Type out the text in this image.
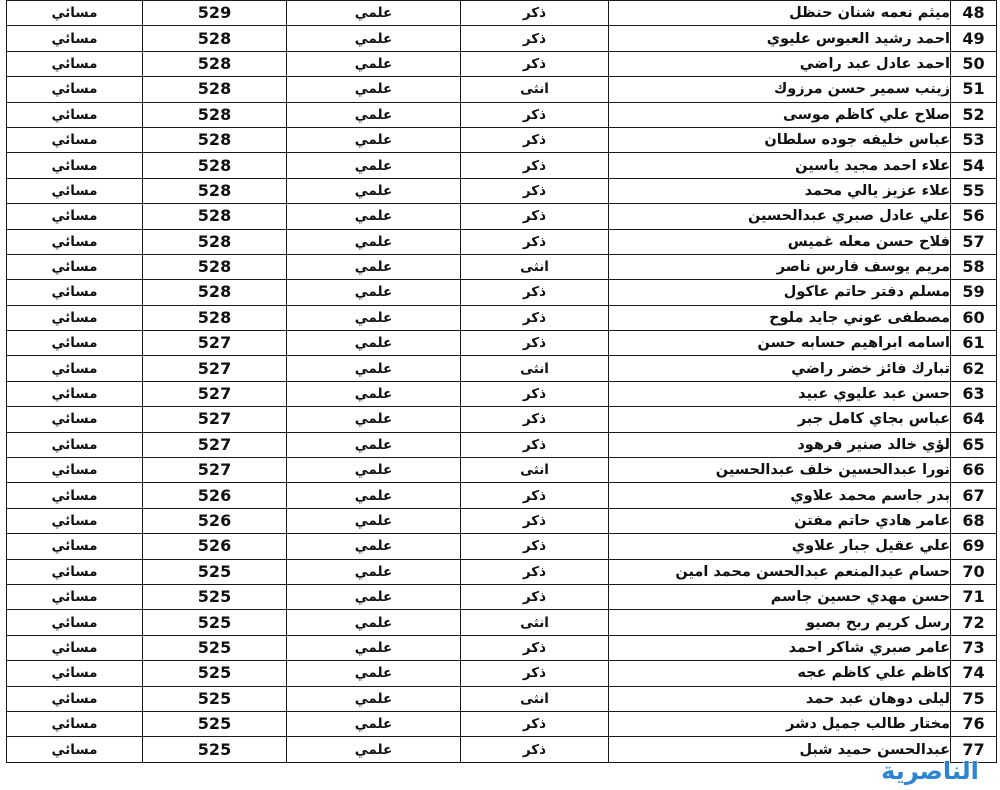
مسائي	529	علمي	ذكر	ميثم نعمه شنان حنظل	48
مسائي	528	علمي	ذكر	احمد رشيد العبوس عليوي	49
مسائي	528	علمي	ذكر	احمد عادل عبد راضي	50
مسائي	528	علمي	انثى	زينب سمير حسن مرزوك	51
مسائي	528	علمي	ذكر	صلاح علي كاظم موسى	52
مسائي	528	علمي	ذكر	عباس خليفه جوده سلطان	53
مسائي	528	علمي	ذكر	علاء احمد مجيد ياسين	54
مسائي	528	علمي	ذكر	علاء عزيز يالي محمد	55
مسائي	528	علمي	ذكر	علي عادل صبري عبدالحسين	56
مسائي	528	علمي	ذكر	فلاح حسن معله غميس	57
مسائي	528	علمي	انثى	مريم يوسف فارس ناصر	58
مسائي	528	علمي	ذكر	مسلم دفتر حاتم عاكول	59
مسائي	528	علمي	ذكر	مصطفى عوني جايد ملوح	60
مسائي	527	علمي	ذكر	اسامه ابراهيم حسابه حسن	61
مسائي	527	علمي	انثى	تبارك فائز خضر راضي	62
مسائي	527	علمي	ذكر	حسن عبد عليوي عبيد	63
مسائي	527	علمي	ذكر	عباس بجاي كامل جبر	64
مسائي	527	علمي	ذكر	لؤي خالد صنير فرهود	65
مسائي	527	علمي	انثى	نورا عبدالحسين خلف عبدالحسين	66
مسائي	526	علمي	ذكر	بدر جاسم محمد علاوي	67
مسائي	526	علمي	ذكر	عامر هادي حاتم مفتن	68
مسائي	526	علمي	ذكر	علي عقيل جبار علاوي	69
مسائي	525	علمي	ذكر	حسام عبدالمنعم عبدالحسن محمد امين	70
مسائي	525	علمي	ذكر	حسن مهدي حسين جاسم	71
مسائي	525	علمي	انثى	رسل كريم ربح بصيو	72
مسائي	525	علمي	ذكر	عامر صبري شاكر احمد	73
مسائي	525	علمي	ذكر	كاظم علي كاظم عجه	74
مسائي	525	علمي	انثى	ليلى دوهان عبد حمد	75
مسائي	525	علمي	ذكر	مختار طالب جميل دشر	76
مسائي	525	علمي	ذكر	عبدالحسن حميد شبل	77
الناصرية
